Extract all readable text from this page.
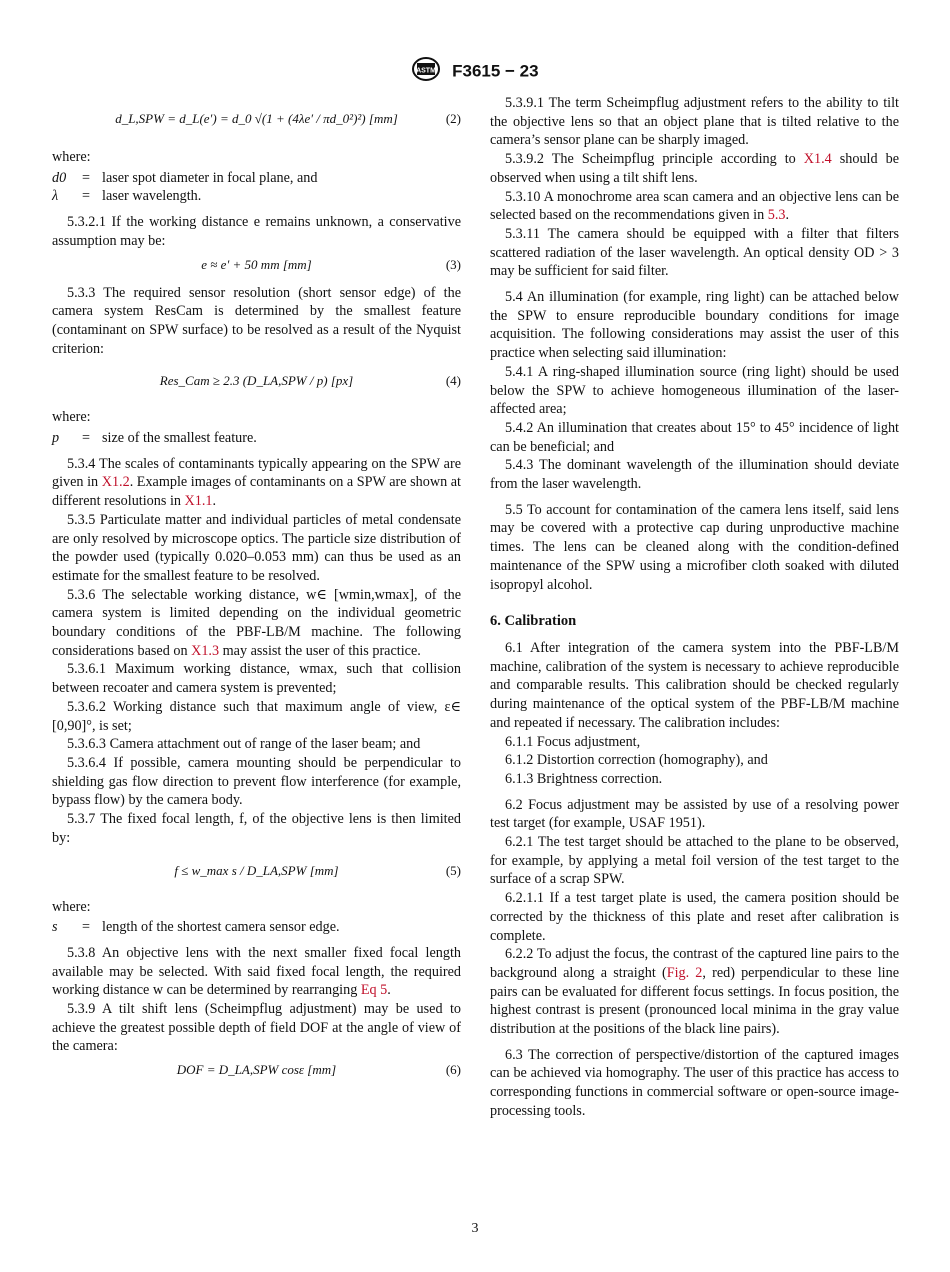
ASTM F3615 − 23
d_L,SPW = d_L(e′) = d_0 √(1 + (4λe′ / πd_0²)²) [mm]	(2)

where:

d0	= laser spot diameter in focal plane, and
λ	= laser wavelength.

5.3.2.1 If the working distance e remains unknown, a conservative assumption may be:

e ≈ e′ + 50 mm [mm]	(3)

5.3.3 The required sensor resolution (short sensor edge) of the camera system ResCam is determined by the smallest feature (contaminant on SPW surface) to be resolved as a result of the Nyquist criterion:

Res_Cam ≥ 2.3 (D_LA,SPW / p) [px]	(4)

where:

p	= size of the smallest feature.

5.3.4 The scales of contaminants typically appearing on the SPW are given in X1.2. Example images of contaminants on a SPW are shown at different resolutions in X1.1.

5.3.5 Particulate matter and individual particles of metal condensate are only resolved by microscope optics. The particle size distribution of the powder used (typically 0.020–0.053 mm) can thus be used as an estimate for the smallest feature to be resolved.

5.3.6 The selectable working distance, w∈ [wmin,wmax], of the camera system is limited depending on the individual geometric boundary conditions of the PBF-LB/M machine. The following considerations based on X1.3 may assist the user of this practice.

5.3.6.1 Maximum working distance, wmax, such that collision between recoater and camera system is prevented;

5.3.6.2 Working distance such that maximum angle of view, ε∈ [0,90]°, is set;

5.3.6.3 Camera attachment out of range of the laser beam; and

5.3.6.4 If possible, camera mounting should be perpendicular to shielding gas flow direction to prevent flow interference (for example, bypass flow) by the camera body.

5.3.7 The fixed focal length, f, of the objective lens is then limited by:

f ≤ w_max s / D_LA,SPW [mm]	(5)

where:

s	= length of the shortest camera sensor edge.

5.3.8 An objective lens with the next smaller fixed focal length available may be selected. With said fixed focal length, the required working distance w can be determined by rearranging Eq 5.

5.3.9 A tilt shift lens (Scheimpflug adjustment) may be used to achieve the greatest possible depth of field DOF at the angle of view of the camera:

DOF = D_LA,SPW cosε [mm]	(6)

5.3.9.1 The term Scheimpflug adjustment refers to the ability to tilt the objective lens so that an object plane that is tilted relative to the camera’s sensor plane can be sharply imaged.

5.3.9.2 The Scheimpflug principle according to X1.4 should be observed when using a tilt shift lens.

5.3.10 A monochrome area scan camera and an objective lens can be selected based on the recommendations given in 5.3.

5.3.11 The camera should be equipped with a filter that filters scattered radiation of the laser wavelength. An optical density OD > 3 may be sufficient for said filter.

5.4 An illumination (for example, ring light) can be attached below the SPW to ensure reproducible boundary conditions for image acquisition. The following considerations may assist the user of this practice when selecting said illumination:

5.4.1 A ring-shaped illumination source (ring light) should be used below the SPW to achieve homogeneous illumination of the laser-affected area;

5.4.2 An illumination that creates about 15° to 45° incidence of light can be beneficial; and

5.4.3 The dominant wavelength of the illumination should deviate from the laser wavelength.

5.5 To account for contamination of the camera lens itself, said lens may be covered with a protective cap during unproductive machine times. The lens can be cleaned along with the condition-defined maintenance of the SPW using a microfiber cloth soaked with diluted isopropyl alcohol.

6. Calibration

6.1 After integration of the camera system into the PBF-LB/M machine, calibration of the system is necessary to achieve reproducible and comparable results. This calibration should be checked regularly during maintenance of the optical system of the PBF-LB/M machine and repeated if necessary. The calibration includes:

6.1.1 Focus adjustment,

6.1.2 Distortion correction (homography), and

6.1.3 Brightness correction.

6.2 Focus adjustment may be assisted by use of a resolving power test target (for example, USAF 1951).

6.2.1 The test target should be attached to the plane to be observed, for example, by applying a metal foil version of the test target to the surface of a scrap SPW.

6.2.1.1 If a test target plate is used, the camera position should be corrected by the thickness of this plate and reset after calibration is complete.

6.2.2 To adjust the focus, the contrast of the captured line pairs to the background along a straight (Fig. 2, red) perpendicular to these line pairs can be evaluated for different focus settings. In focus position, the highest contrast is present (pronounced local minima in the gray value distribution at the positions of the black line pairs).

6.3 The correction of perspective/distortion of the captured images can be achieved via homography. The user of this practice has access to corresponding functions in commercial software or open-source image-processing tools.

3
